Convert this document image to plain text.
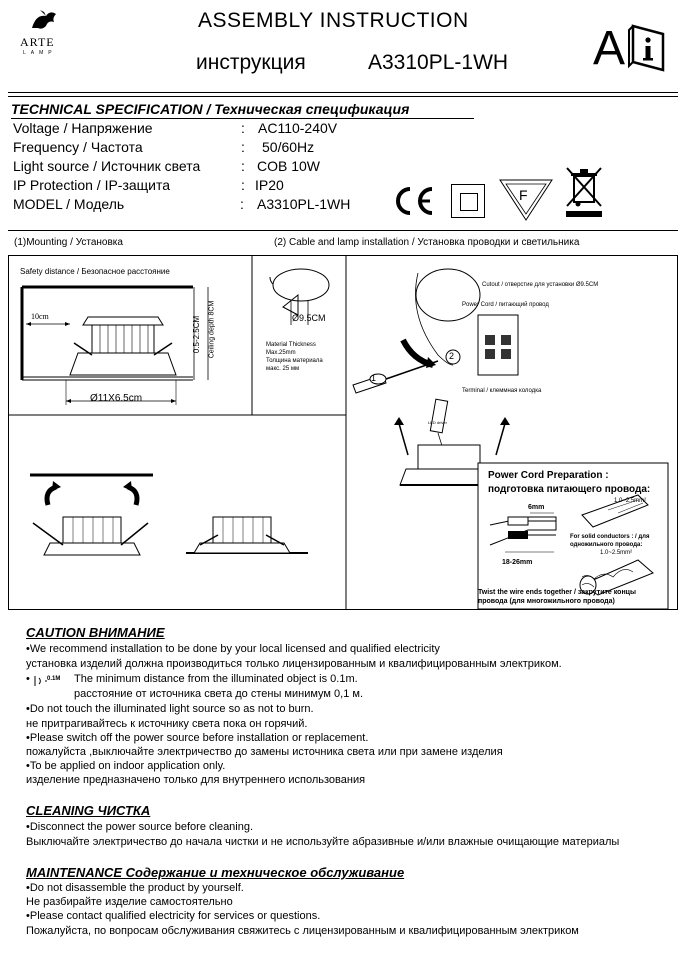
ARTE
LAMP
ASSEMBLY INSTRUCTION
инструкция	A3310PL-1WH A
TECHNICAL SPECIFICATION / Техническая спецификация
Voltage / Напряжение	: AC110-240V
Frequency / Частота	: 50/60Hz
Light source / Источник света	: COB 10W
IP Protection / IP-защита	: IP20
MODEL / Модель	: A3310PL-1WH
F
(1)Mounting / Установка	(2) Cable and lamp installation / Установка проводки и светильника
Safety distance / Безопасное расстояние
10cm	0.5-2.5CM Ceiling depth 8CM
Ø11X6.5cm
Ø9.5CM
Material Thickness
Max.25mm
Толщина материала
макс. 25 мм
Cutout / отверстие для установки Ø9.5CM
Power Cord / питающий провод
Terminal / клеммная колодка
1
2
LED driver
Power Cord Preparation :
подготовка питающего провода:
6mm
18-26mm
1.0~2.5mm²
For solid conductors : / для
одножильного провода:
1.0~2.5mm²
Twist the wire ends together / закрутите концы
провода (для многожильного провода)
CAUTION ВНИМАНИЕ
•We recommend installation to be done by your local licensed and qualified electricity
установка изделий должна производиться только лицензированным и квалифицированным электриком.
•	0.1M The minimum distance from the illuminated object is 0.1m.
расстояние от источника света до стены минимум 0,1 м.
•Do not touch the illuminated light source so as not to burn.
не притрагивайтесь к источнику света пока он горячий.
•Please switch off the power source before installation or replacement.
пожалуйста ,выключайте электричество до замены источника света или при замене изделия
•To be applied on indoor application only.
изделение предназначено только для внутреннего использования
CLEANING ЧИСТКА
•Disconnect the power source before cleaning.
Выключайте электричество до начала чистки и не используйте абразивные и/или влажные очищающие материалы
MAINTENANCE Содержание и техническое обслуживание
•Do not disassemble the product by yourself.
Не разбирайте изделие самостоятельно
•Please contact qualified electricity for services or questions.
Пожалуйста, по вопросам обслуживания свяжитесь с лицензированным и квалифицированным электриком
